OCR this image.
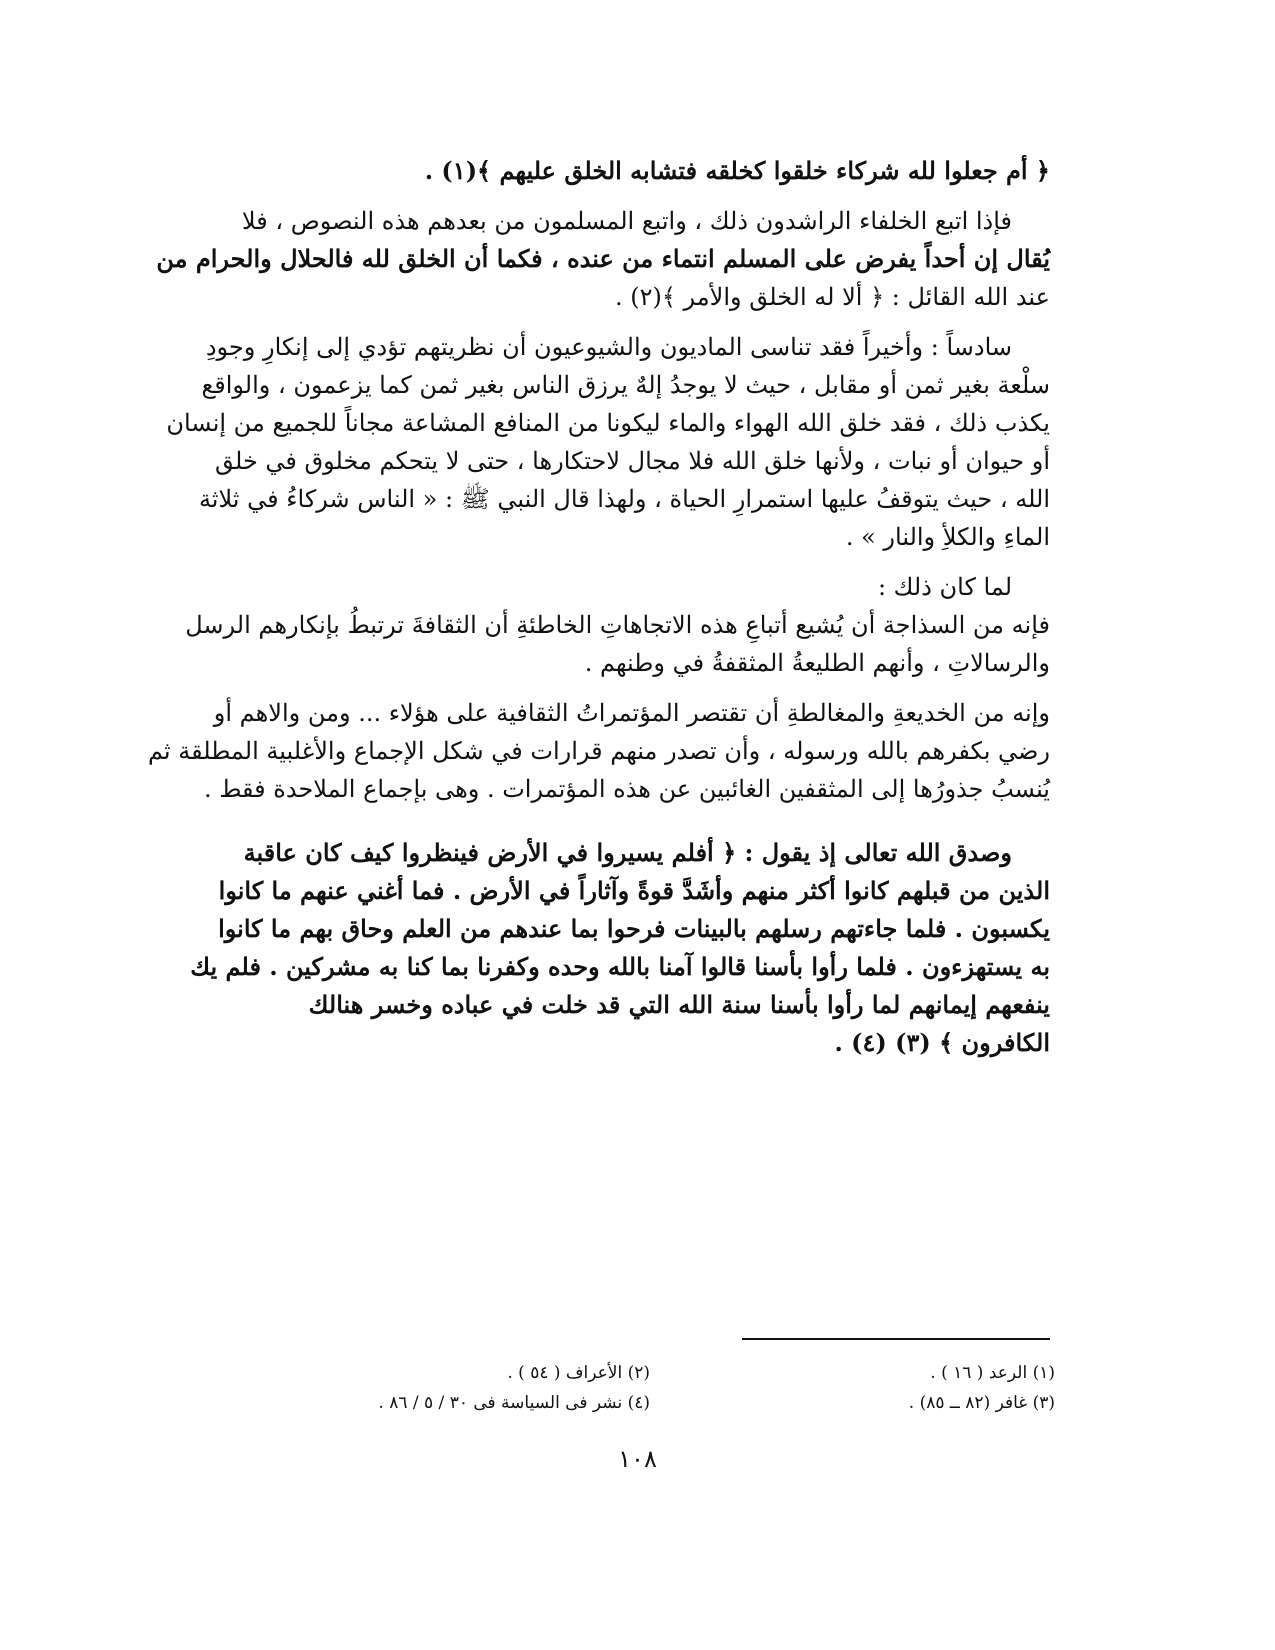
﴿ أم جعلوا لله شركاء خلقوا كخلقه فتشابه الخلق عليهم ﴾(١) .

فإذا اتبع الخلفاء الراشدون ذلك ، واتبع المسلمون من بعدهم هذه النصوص ، فلا

يُقال إن أحداً يفرض على المسلم انتماء من عنده ، فكما أن الخلق لله فالحلال والحرام من

عند الله القائل : ﴿ ألا له الخلق والأمر ﴾(٢) .

سادساً : وأخيراً فقد تناسى الماديون والشيوعيون أن نظريتهم تؤدي إلى إنكارِ وجودِ

سلْعة بغير ثمن أو مقابل ، حيث لا يوجدُ إلهٌ يرزق الناس بغير ثمن كما يزعمون ، والواقع

يكذب ذلك ، فقد خلق الله الهواء والماء ليكونا من المنافع المشاعة مجاناً للجميع من إنسان

أو حيوان أو نبات ، ولأنها خلق الله فلا مجال لاحتكارها ، حتى لا يتحكم مخلوق في خلق

الله ، حيث يتوقفُ عليها استمرارِ الحياة ، ولهذا قال النبي ﷺ : « الناس شركاءُ في ثلاثة

الماءِ والكلأِ والنار » .

لما كان ذلك :

فإنه من السذاجة أن يُشيع أتباعِ هذه الاتجاهاتِ الخاطئةِ أن الثقافةَ ترتبطُ بإنكارهم الرسل

والرسالاتِ ، وأنهم الطليعةُ المثقفةُ في وطنهم .

وإنه من الخديعةِ والمغالطةِ أن تقتصر المؤتمراتُ الثقافية على هؤلاء ... ومن والاهم أو

رضي بكفرهم بالله ورسوله ، وأن تصدر منهم قرارات في شكل الإجماع والأغلبية المطلقة ثم

يُنسبُ جذورُها إلى المثقفين الغائبين عن هذه المؤتمرات . وهى بإجماع الملاحدة فقط .

وصدق الله تعالى إذ يقول : ﴿ أفلم يسيروا في الأرض فينظروا كيف كان عاقبة

الذين من قبلهم كانوا أكثر منهم وأشَدَّ قوةً وآثاراً في الأرض . فما أغني عنهم ما كانوا

يكسبون . فلما جاءتهم رسلهم بالبينات فرحوا بما عندهم من العلم وحاق بهم ما كانوا

به يستهزءون . فلما رأوا بأسنا قالوا آمنا بالله وحده وكفرنا بما كنا به مشركين . فلم يك

ينفعهم إيمانهم لما رأوا بأسنا سنة الله التي قد خلت في عباده وخسر هنالك

الكافرون ﴾ (٣) (٤) .

(١) الرعد ( ١٦ ) .
(٢) الأعراف ( ٥٤ ) .
(٣) غافر (٨٢ ــ ٨٥) .
(٤) نشر فى السياسة فى ٣٠ / ٥ / ٨٦ .
١٠٨
